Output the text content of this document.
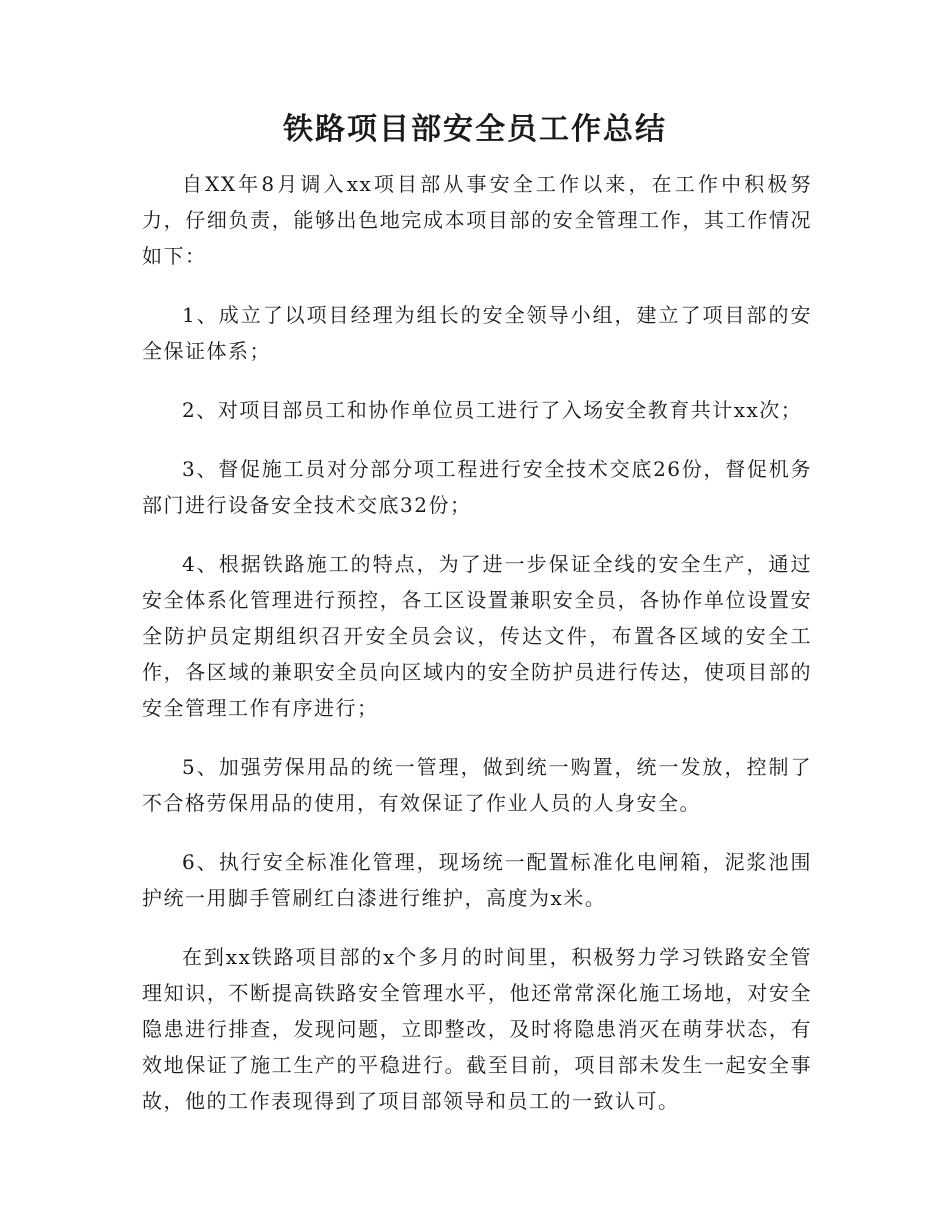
铁路项目部安全员工作总结

自XX年8月调入xx项目部从事安全工作以来，在工作中积极努力，仔细负责，能够出色地完成本项目部的安全管理工作，其工作情况如下：

1、成立了以项目经理为组长的安全领导小组，建立了项目部的安全保证体系；

2、对项目部员工和协作单位员工进行了入场安全教育共计xx次；

3、督促施工员对分部分项工程进行安全技术交底26份，督促机务部门进行设备安全技术交底32份；

4、根据铁路施工的特点，为了进一步保证全线的安全生产，通过安全体系化管理进行预控，各工区设置兼职安全员，各协作单位设置安全防护员定期组织召开安全员会议，传达文件，布置各区域的安全工作，各区域的兼职安全员向区域内的安全防护员进行传达，使项目部的安全管理工作有序进行；

5、加强劳保用品的统一管理，做到统一购置，统一发放，控制了不合格劳保用品的使用，有效保证了作业人员的人身安全。

6、执行安全标准化管理，现场统一配置标准化电闸箱，泥浆池围护统一用脚手管刷红白漆进行维护，高度为x米。

在到xx铁路项目部的x个多月的时间里，积极努力学习铁路安全管理知识，不断提高铁路安全管理水平，他还常常深化施工场地，对安全隐患进行排查，发现问题，立即整改，及时将隐患消灭在萌芽状态，有效地保证了施工生产的平稳进行。截至目前，项目部未发生一起安全事故，他的工作表现得到了项目部领导和员工的一致认可。
